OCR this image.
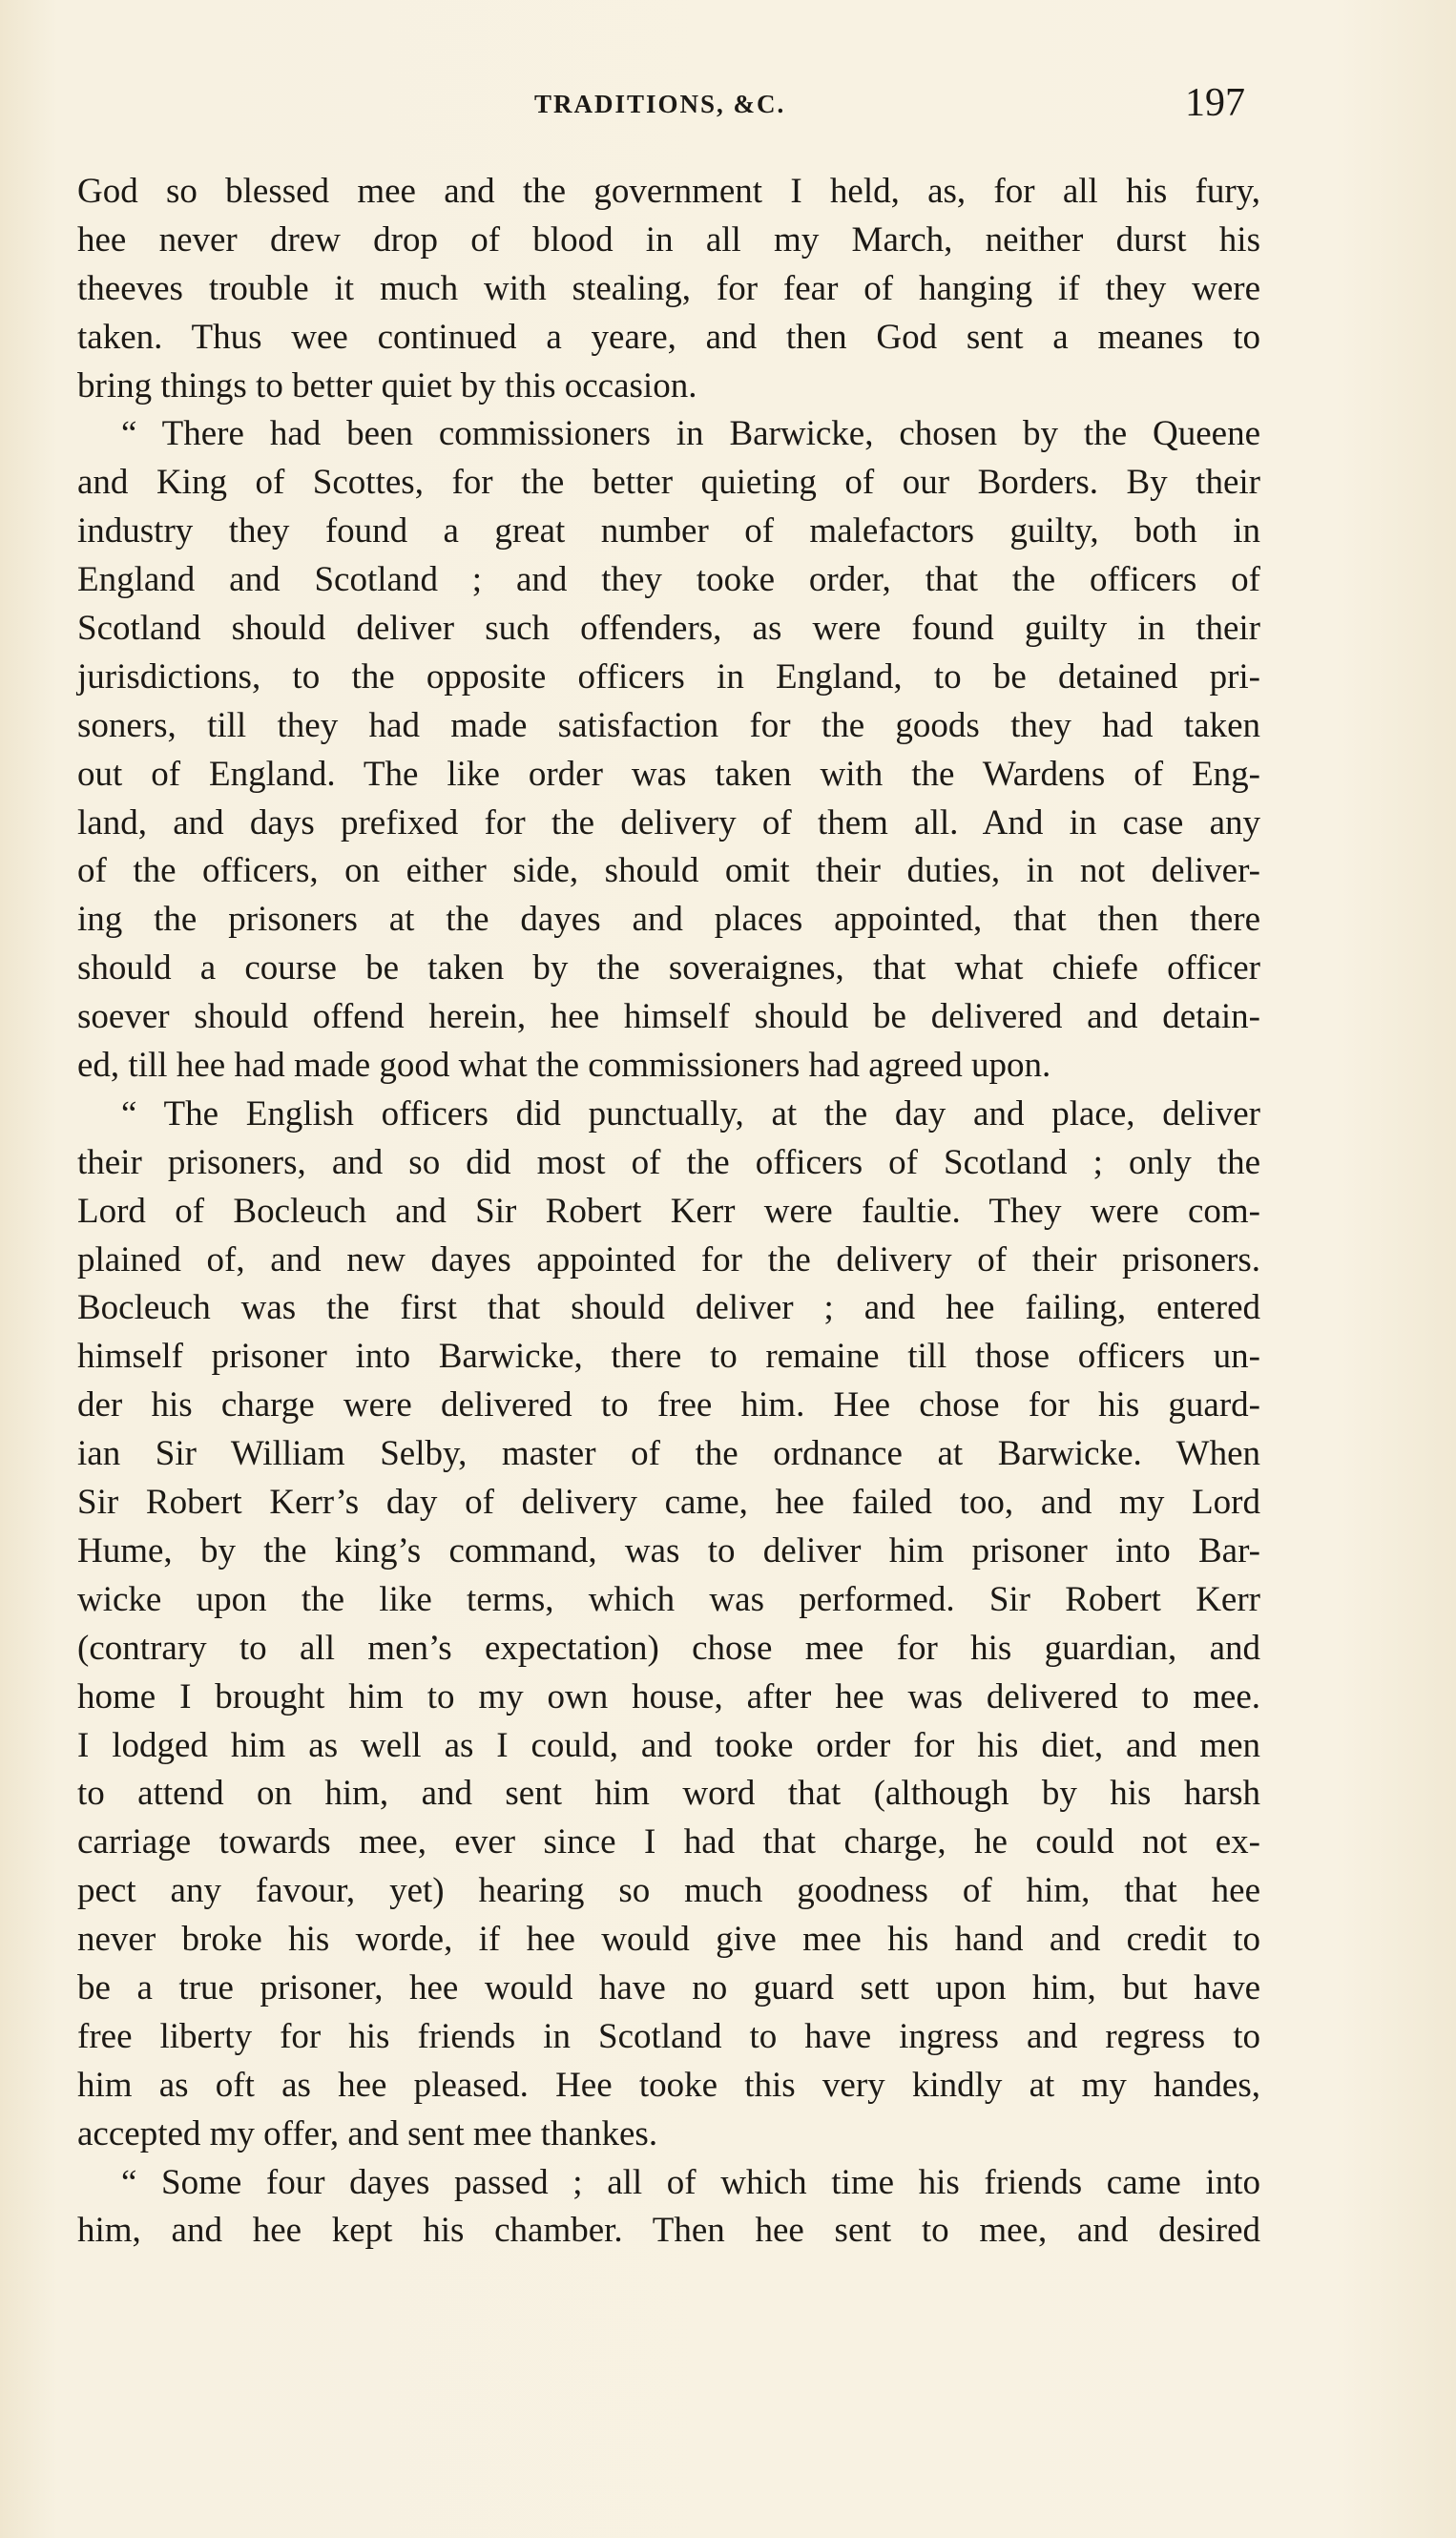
TRADITIONS, &C.	197
God so blessed mee and the government I held, as, for all his fury,
hee never drew drop of blood in all my March, neither durst his
theeves trouble it much with stealing, for fear of hanging if they were
taken. Thus wee continued a yeare, and then God sent a meanes to
bring things to better quiet by this occasion.
“ There had been commissioners in Barwicke, chosen by the Queene
and King of Scottes, for the better quieting of our Borders. By their
industry they found a great number of malefactors guilty, both in
England and Scotland ; and they tooke order, that the officers of
Scotland should deliver such offenders, as were found guilty in their
jurisdictions, to the opposite officers in England, to be detained pri-
soners, till they had made satisfaction for the goods they had taken
out of England. The like order was taken with the Wardens of Eng-
land, and days prefixed for the delivery of them all. And in case any
of the officers, on either side, should omit their duties, in not deliver-
ing the prisoners at the dayes and places appointed, that then there
should a course be taken by the soveraignes, that what chiefe officer
soever should offend herein, hee himself should be delivered and detain-
ed, till hee had made good what the commissioners had agreed upon.
“ The English officers did punctually, at the day and place, deliver
their prisoners, and so did most of the officers of Scotland ; only the
Lord of Bocleuch and Sir Robert Kerr were faultie. They were com-
plained of, and new dayes appointed for the delivery of their prisoners.
Bocleuch was the first that should deliver ; and hee failing, entered
himself prisoner into Barwicke, there to remaine till those officers un-
der his charge were delivered to free him. Hee chose for his guard-
ian Sir William Selby, master of the ordnance at Barwicke. When
Sir Robert Kerr’s day of delivery came, hee failed too, and my Lord
Hume, by the king’s command, was to deliver him prisoner into Bar-
wicke upon the like terms, which was performed. Sir Robert Kerr
(contrary to all men’s expectation) chose mee for his guardian, and
home I brought him to my own house, after hee was delivered to mee.
I lodged him as well as I could, and tooke order for his diet, and men
to attend on him, and sent him word that (although by his harsh
carriage towards mee, ever since I had that charge, he could not ex-
pect any favour, yet) hearing so much goodness of him, that hee
never broke his worde, if hee would give mee his hand and credit to
be a true prisoner, hee would have no guard sett upon him, but have
free liberty for his friends in Scotland to have ingress and regress to
him as oft as hee pleased. Hee tooke this very kindly at my handes,
accepted my offer, and sent mee thankes.
“ Some four dayes passed ; all of which time his friends came into
him, and hee kept his chamber. Then hee sent to mee, and desired
